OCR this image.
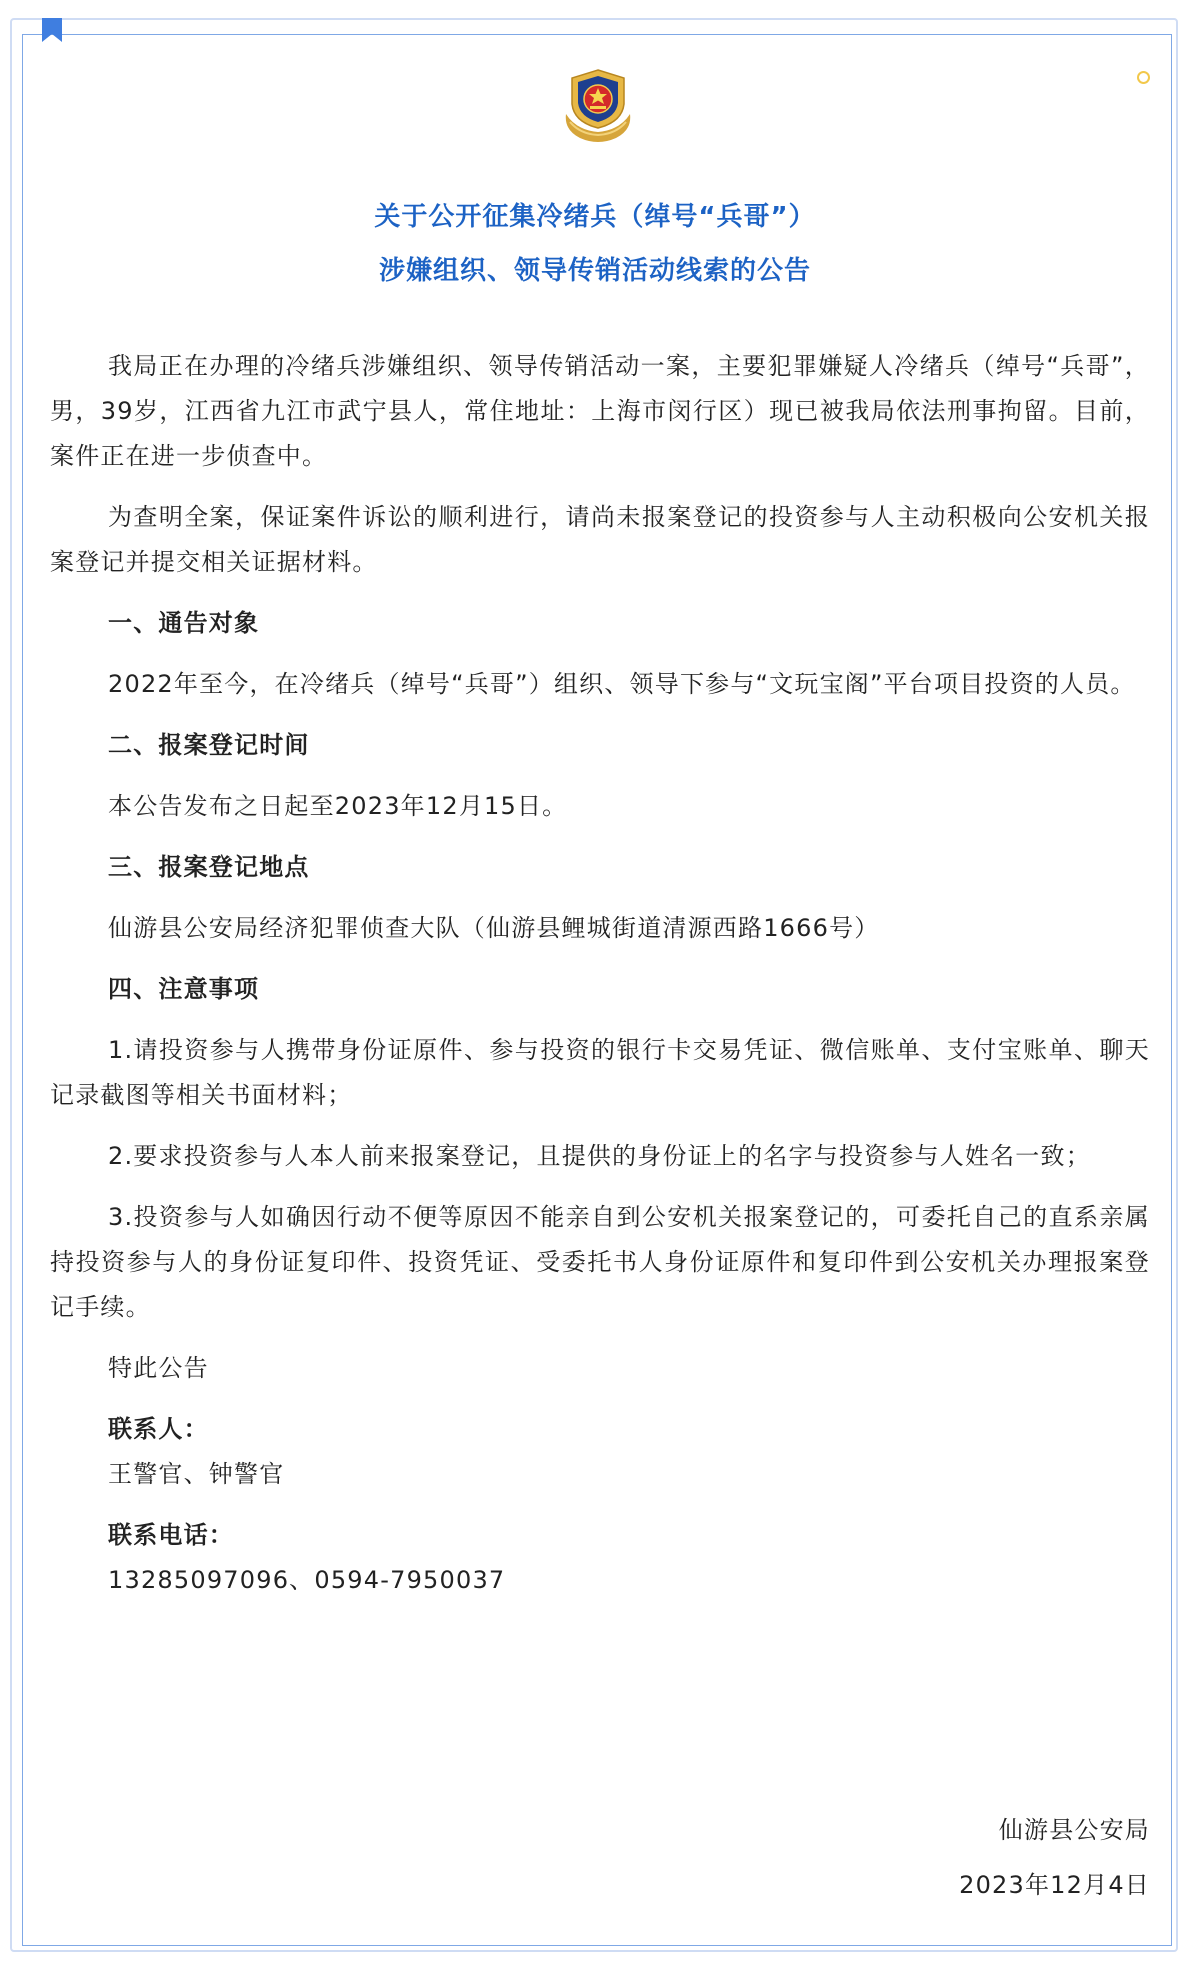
关于公开征集冷绪兵（绰号“兵哥”）
涉嫌组织、领导传销活动线索的公告

我局正在办理的冷绪兵涉嫌组织、领导传销活动一案，主要犯罪嫌疑人冷绪兵（绰号“兵哥”，男，39岁，江西省九江市武宁县人，常住地址：上海市闵行区）现已被我局依法刑事拘留。目前，案件正在进一步侦查中。

为查明全案，保证案件诉讼的顺利进行，请尚未报案登记的投资参与人主动积极向公安机关报案登记并提交相关证据材料。

一、通告对象

2022年至今，在冷绪兵（绰号“兵哥”）组织、领导下参与“文玩宝阁”平台项目投资的人员。

二、报案登记时间

本公告发布之日起至2023年12月15日。

三、报案登记地点

仙游县公安局经济犯罪侦查大队（仙游县鲤城街道清源西路1666号）

四、注意事项

1.请投资参与人携带身份证原件、参与投资的银行卡交易凭证、微信账单、支付宝账单、聊天记录截图等相关书面材料；

2.要求投资参与人本人前来报案登记，且提供的身份证上的名字与投资参与人姓名一致；

3.投资参与人如确因行动不便等原因不能亲自到公安机关报案登记的，可委托自己的直系亲属持投资参与人的身份证复印件、投资凭证、受委托书人身份证原件和复印件到公安机关办理报案登记手续。

特此公告

联系人：

王警官、钟警官

联系电话：

13285097096、0594-7950037

仙游县公安局
2023年12月4日
